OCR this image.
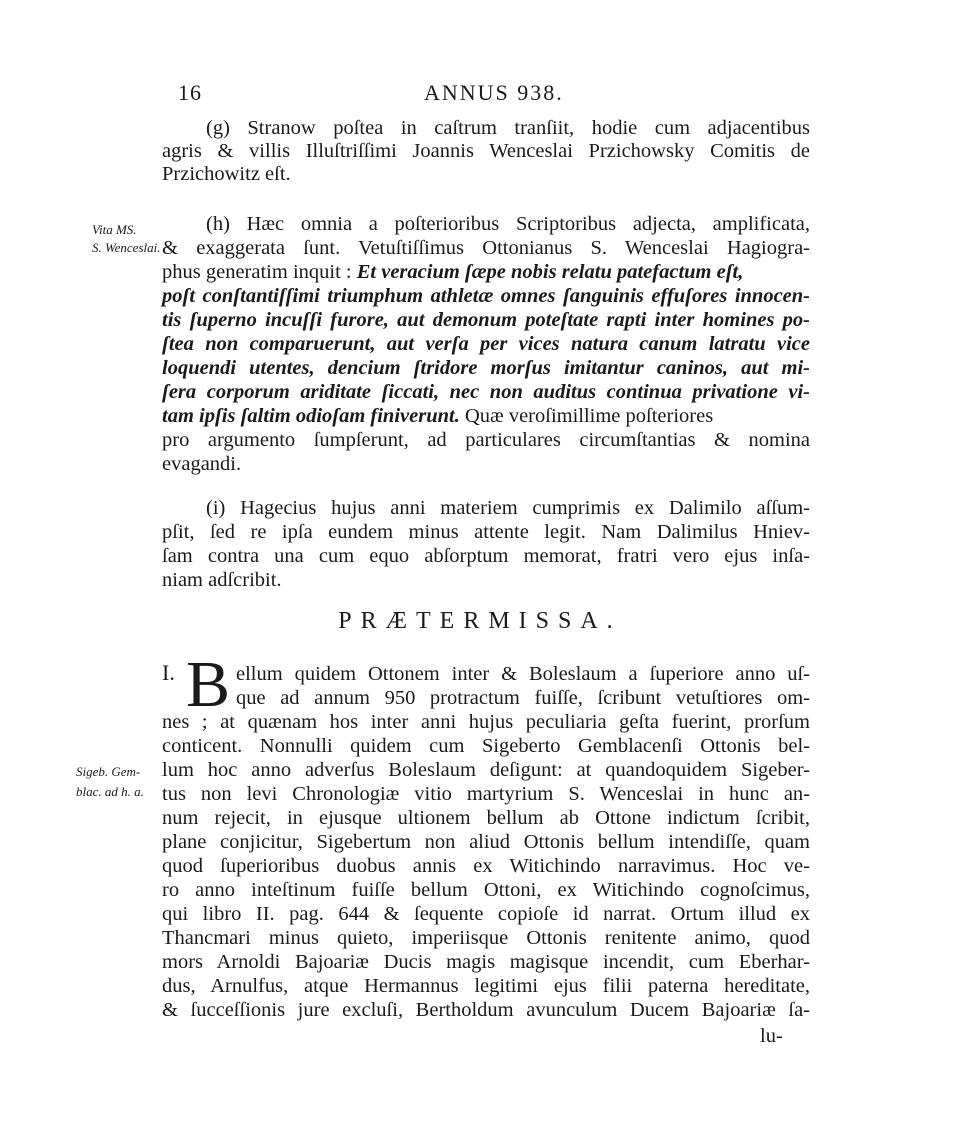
16	ANNUS 938.
(g) Stranow poſtea in caſtrum tranſiit, hodie cum adjacentibus
agris & villis Illuſtriſſimi Joannis Wenceslai Przichowsky Comitis de
Przichowitz eſt.
Vita MS.
S. Wenceslai.
(h) Hæc omnia a poſterioribus Scriptoribus adjecta, amplificata,
& exaggerata ſunt. Vetuſtiſſimus Ottonianus S. Wenceslai Hagiogra-
phus generatim inquit : Et veracium ſæpe nobis relatu patefactum eſt,
poſt conſtantiſſimi triumphum athletæ omnes ſanguinis effuſores innocen-
tis ſuperno incuſſi furore, aut demonum poteſtate rapti inter homines po-
ſtea non comparuerunt, aut verſa per vices natura canum latratu vice
loquendi utentes, dencium ſtridore morſus imitantur caninos, aut mi-
ſera corporum ariditate ſiccati, nec non auditus continua privatione vi-
tam ipſis ſaltim odioſam finiverunt. Quæ veroſimillime poſteriores
pro argumento ſumpſerunt, ad particulares circumſtantias & nomina
evagandi.
(i) Hagecius hujus anni materiem cumprimis ex Dalimilo aſſum-
pſit, ſed re ipſa eundem minus attente legit. Nam Dalimilus Hniev-
ſam contra una cum equo abſorptum memorat, fratri vero ejus inſa-
niam adſcribit.
PRÆTERMISSA.
I. B
Sigeb. Gem-
blac. ad h. a.
ellum quidem Ottonem inter & Boleslaum a ſuperiore anno uſ-
que ad annum 950 protractum fuiſſe, ſcribunt vetuſtiores om-
nes ; at quænam hos inter anni hujus peculiaria geſta fuerint, prorſum
conticent. Nonnulli quidem cum Sigeberto Gemblacenſi Ottonis bel-
lum hoc anno adverſus Boleslaum deſigunt: at quandoquidem Sigeber-
tus non levi Chronologiæ vitio martyrium S. Wenceslai in hunc an-
num rejecit, in ejusque ultionem bellum ab Ottone indictum ſcribit,
plane conjicitur, Sigebertum non aliud Ottonis bellum intendiſſe, quam
quod ſuperioribus duobus annis ex Witichindo narravimus. Hoc ve-
ro anno inteſtinum fuiſſe bellum Ottoni, ex Witichindo cognoſcimus,
qui libro II. pag. 644 & ſequente copioſe id narrat. Ortum illud ex
Thancmari minus quieto, imperiisque Ottonis renitente animo, quod
mors Arnoldi Bajoariæ Ducis magis magisque incendit, cum Eberhar-
dus, Arnulfus, atque Hermannus legitimi ejus filii paterna hereditate,
& ſucceſſionis jure excluſi, Bertholdum avunculum Ducem Bajoariæ ſa-
lu-
